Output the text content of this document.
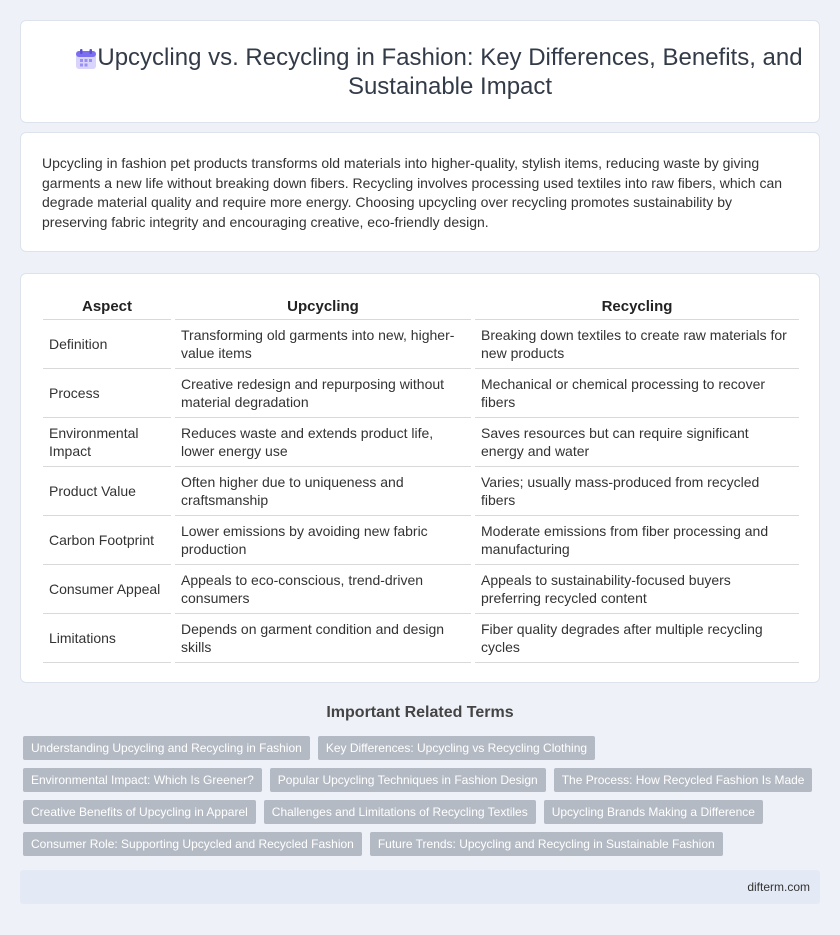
Upcycling vs. Recycling in Fashion: Key Differences, Benefits, and Sustainable Impact

Upcycling in fashion pet products transforms old materials into higher-quality, stylish items, reducing waste by giving garments a new life without breaking down fibers. Recycling involves processing used textiles into raw fibers, which can degrade material quality and require more energy. Choosing upcycling over recycling promotes sustainability by preserving fabric integrity and encouraging creative, eco-friendly design.

Aspect	Upcycling	Recycling
Definition	Transforming old garments into new, higher-value items	Breaking down textiles to create raw materials for new products
Process	Creative redesign and repurposing without material degradation	Mechanical or chemical processing to recover fibers
Environmental Impact	Reduces waste and extends product life, lower energy use	Saves resources but can require significant energy and water
Product Value	Often higher due to uniqueness and craftsmanship	Varies; usually mass-produced from recycled fibers
Carbon Footprint	Lower emissions by avoiding new fabric production	Moderate emissions from fiber processing and manufacturing
Consumer Appeal	Appeals to eco-conscious, trend-driven consumers	Appeals to sustainability-focused buyers preferring recycled content
Limitations	Depends on garment condition and design skills	Fiber quality degrades after multiple recycling cycles
Important Related Terms
Understanding Upcycling and Recycling in Fashion	Key Differences: Upcycling vs Recycling Clothing
Environmental Impact: Which Is Greener?	Popular Upcycling Techniques in Fashion Design	The Process: How Recycled Fashion Is Made
Creative Benefits of Upcycling in Apparel	Challenges and Limitations of Recycling Textiles	Upcycling Brands Making a Difference
Consumer Role: Supporting Upcycled and Recycled Fashion	Future Trends: Upcycling and Recycling in Sustainable Fashion
difterm.com
